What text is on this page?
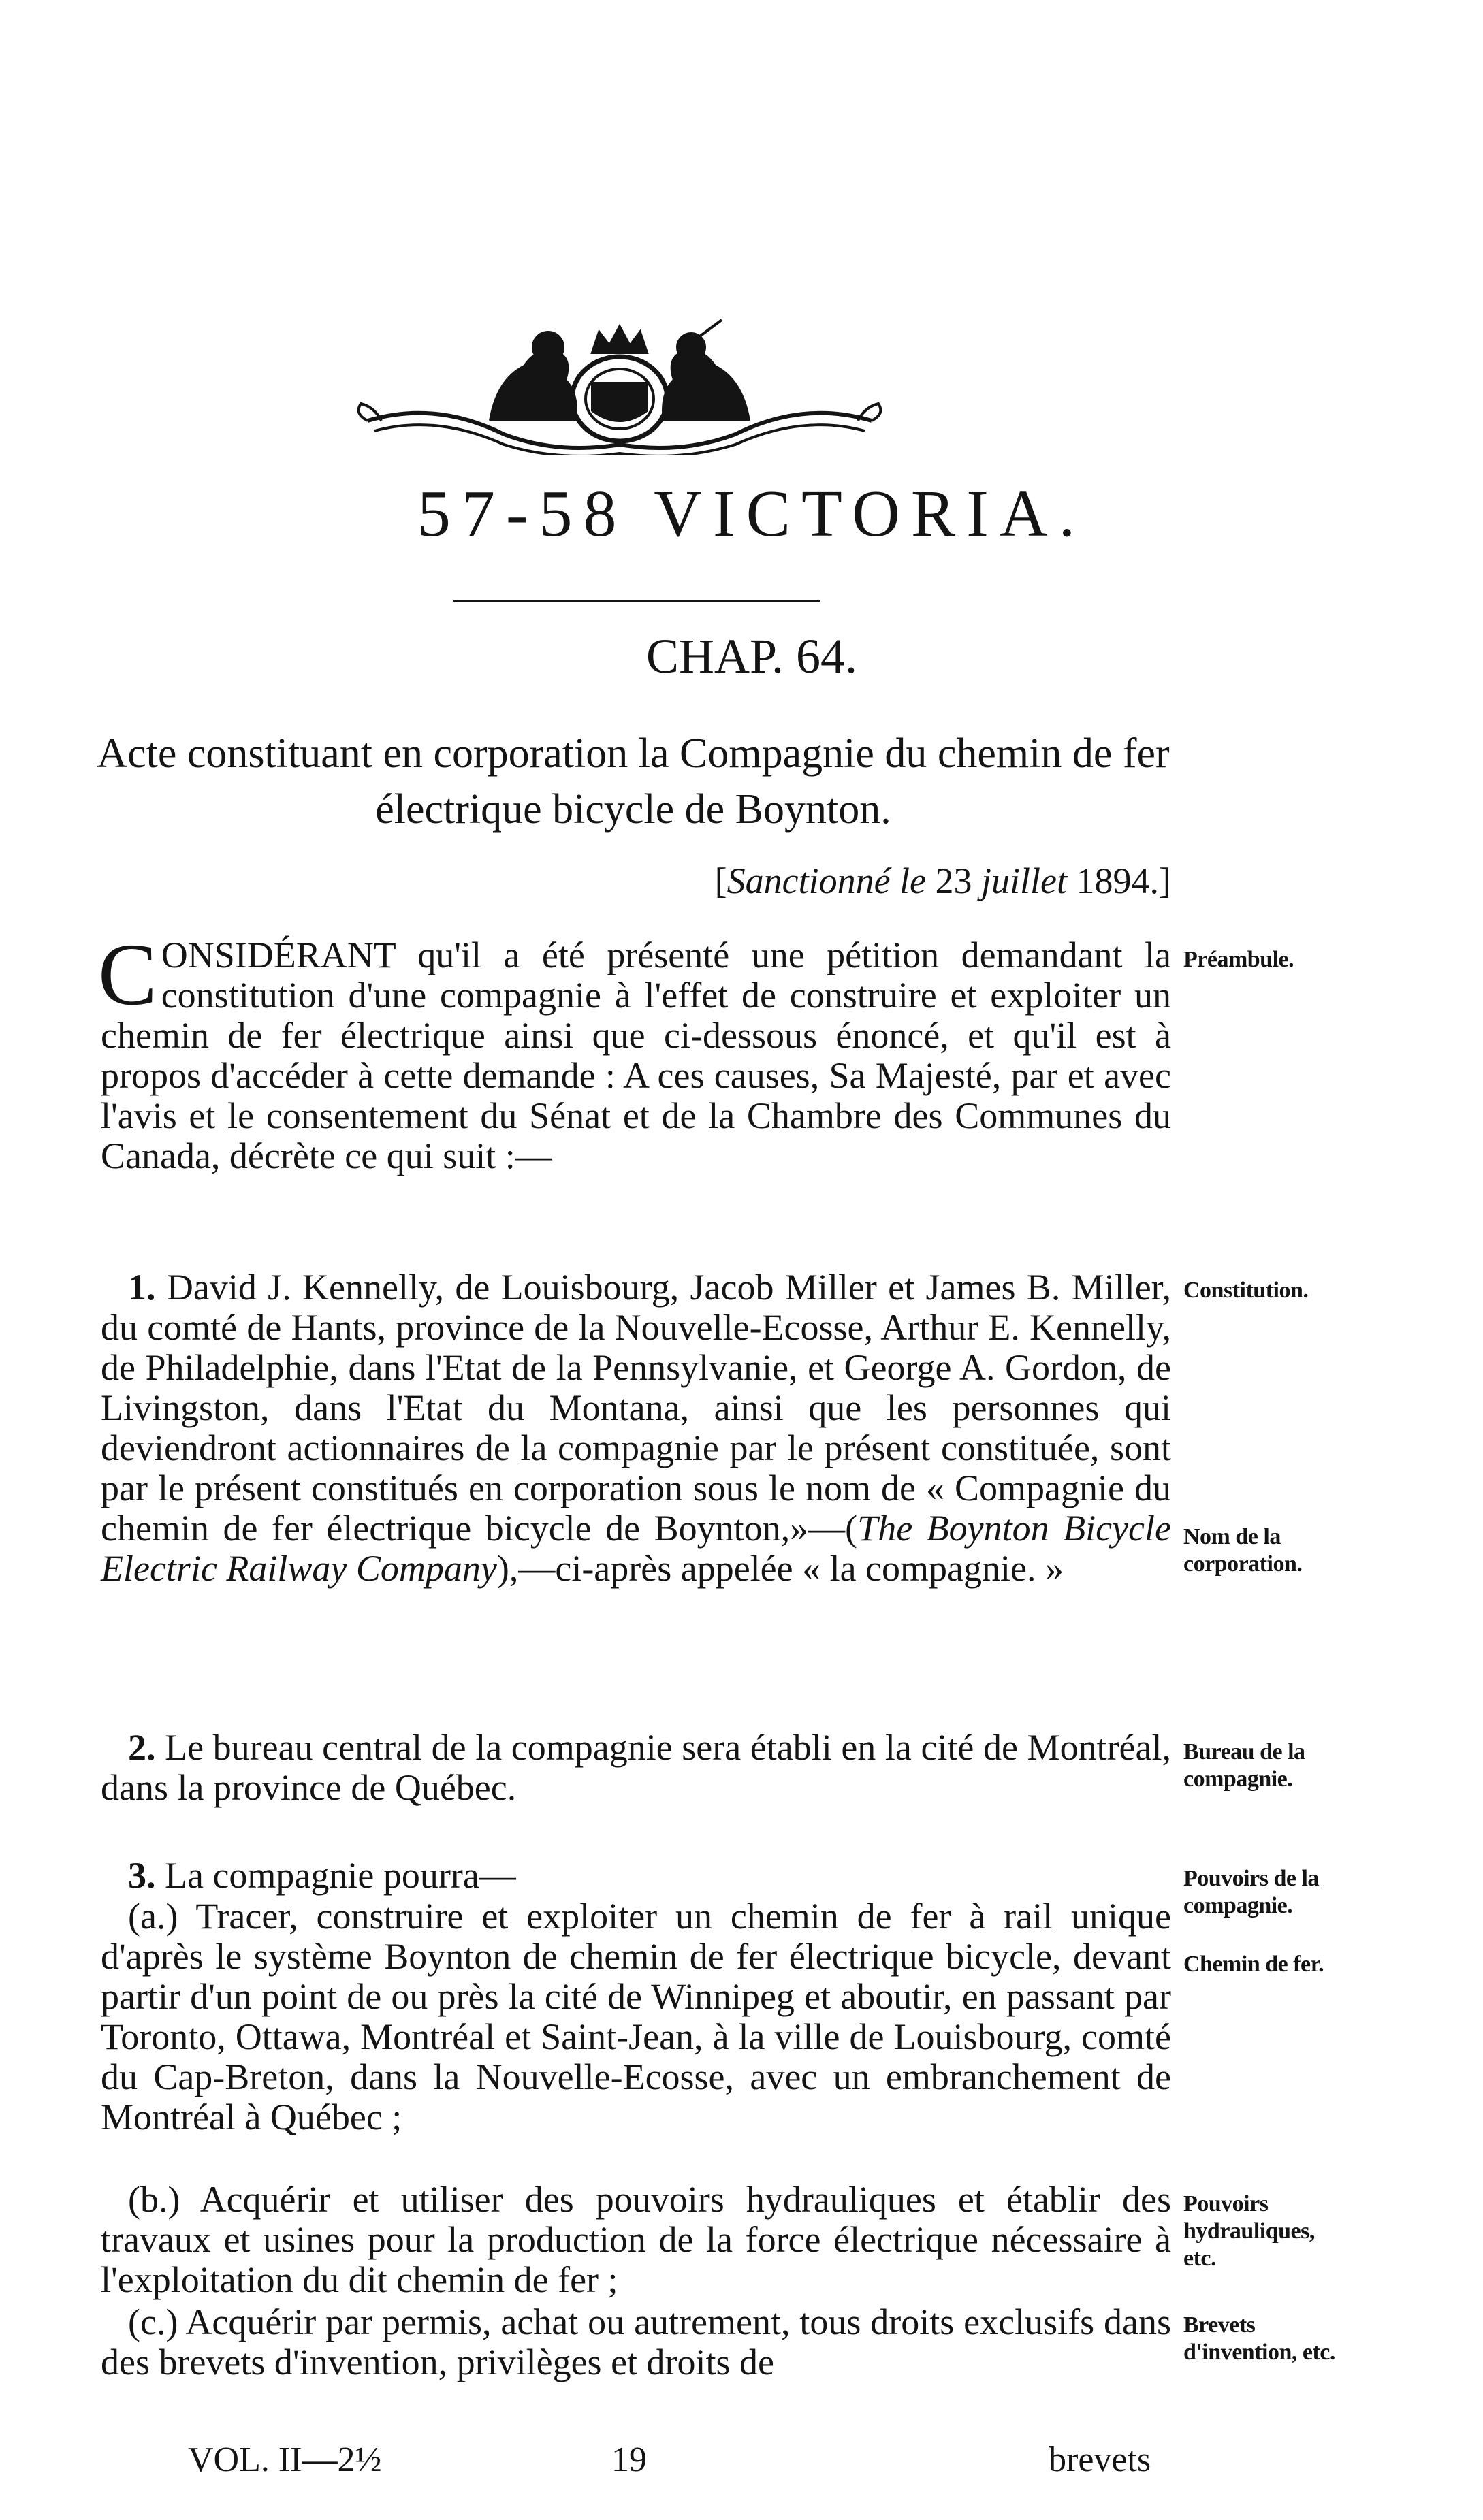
57-58 VICTORIA.
CHAP. 64.
Acte constituant en corporation la Compagnie du chemin de fer électrique bicycle de Boynton.
[Sanctionné le 23 juillet 1894.]
CONSIDÉRANT qu'il a été présenté une pétition demandant la constitution d'une compagnie à l'effet de construire et exploiter un chemin de fer électrique ainsi que ci-dessous énoncé, et qu'il est à propos d'accéder à cette demande : A ces causes, Sa Majesté, par et avec l'avis et le consentement du Sénat et de la Chambre des Communes du Canada, décrète ce qui suit :—
Préambule.
1. David J. Kennelly, de Louisbourg, Jacob Miller et James B. Miller, du comté de Hants, province de la Nouvelle-Ecosse, Arthur E. Kennelly, de Philadelphie, dans l'Etat de la Pennsylvanie, et George A. Gordon, de Livingston, dans l'Etat du Montana, ainsi que les personnes qui deviendront actionnaires de la compagnie par le présent constituée, sont par le présent constitués en corporation sous le nom de « Compagnie du chemin de fer électrique bicycle de Boynton,»—(The Boynton Bicycle Electric Railway Company),—ci-après appelée « la compagnie. »
Constitution.
Nom de la corporation.
2. Le bureau central de la compagnie sera établi en la cité de Montréal, dans la province de Québec.
Bureau de la compagnie.
3. La compagnie pourra—	Pouvoirs de la compagnie.
(a.) Tracer, construire et exploiter un chemin de fer à rail unique d'après le système Boynton de chemin de fer électrique bicycle, devant partir d'un point de ou près la cité de Winnipeg et aboutir, en passant par Toronto, Ottawa, Montréal et Saint-Jean, à la ville de Louisbourg, comté du Cap-Breton, dans la Nouvelle-Ecosse, avec un embranchement de Montréal à Québec ;
Chemin de fer.
(b.) Acquérir et utiliser des pouvoirs hydrauliques et établir des travaux et usines pour la production de la force électrique nécessaire à l'exploitation du dit chemin de fer ;
Pouvoirs hydrauliques, etc.
(c.) Acquérir par permis, achat ou autrement, tous droits exclusifs dans des brevets d'invention, privilèges et droits de
Brevets d'invention, etc.
VOL. II—2½	19	brevets
